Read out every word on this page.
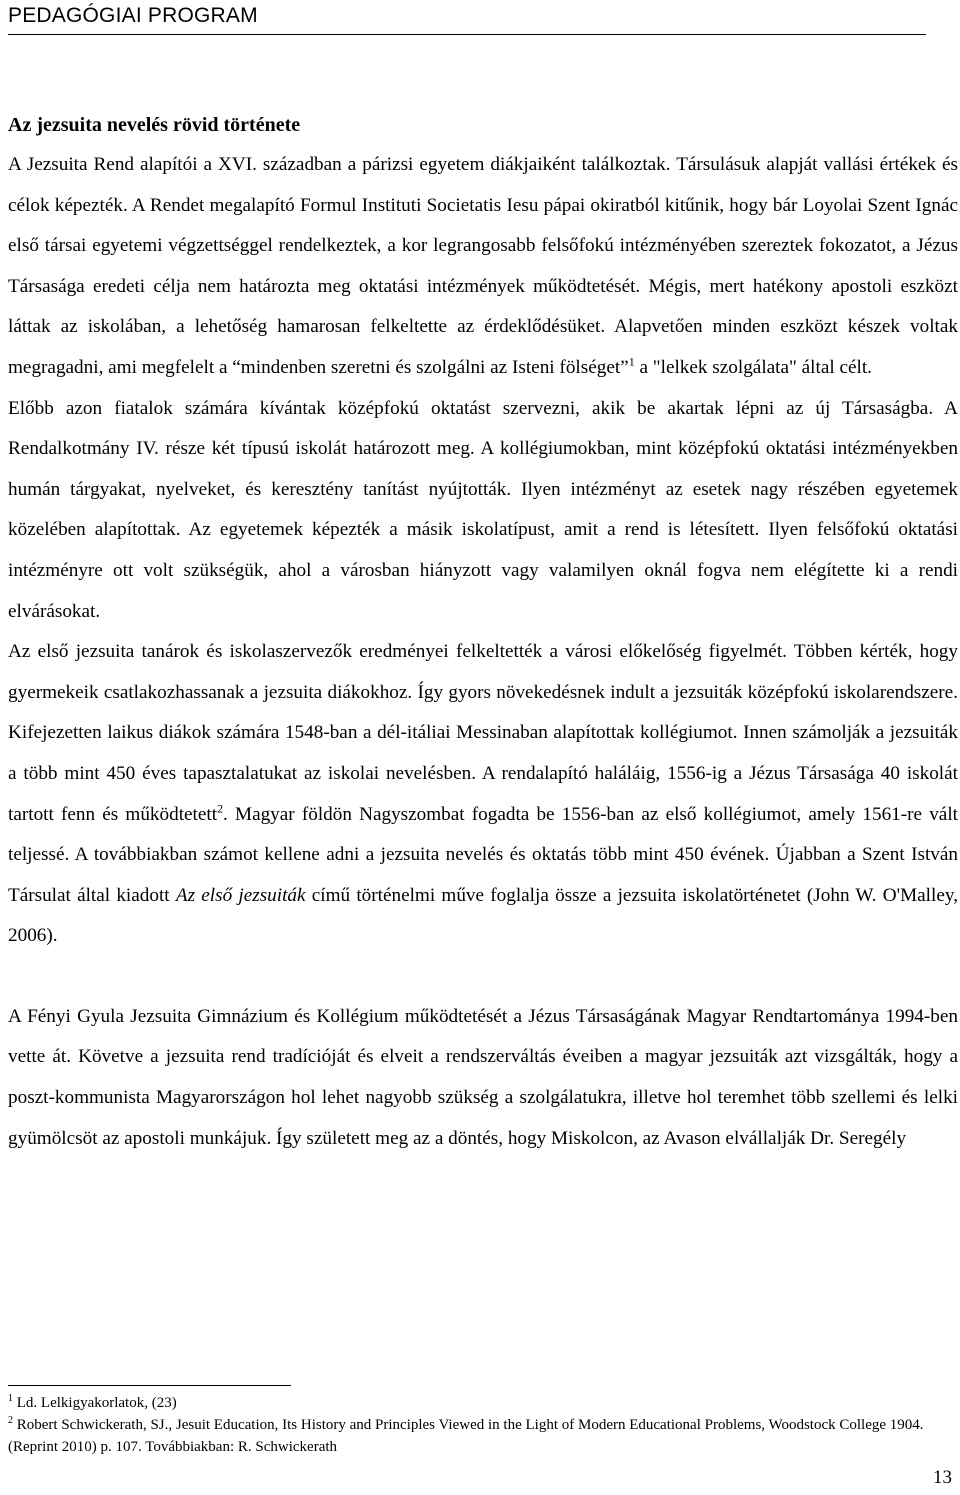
PEDAGÓGIAI PROGRAM

Az jezsuita nevelés rövid története

A Jezsuita Rend alapítói a XVI. században a párizsi egyetem diákjaiként találkoztak. Társulásuk alapját vallási értékek és célok képezték. A Rendet megalapító Formul Instituti Societatis Iesu pápai okiratból kitűnik, hogy bár Loyolai Szent Ignác első társai egyetemi végzettséggel rendelkeztek, a kor legrangosabb felsőfokú intézményében szereztek fokozatot, a Jézus Társasága eredeti célja nem határozta meg oktatási intézmények működtetését. Mégis, mert hatékony apostoli eszközt láttak az iskolában, a lehetőség hamarosan felkeltette az érdeklődésüket. Alapvetően minden eszközt készek voltak megragadni, ami megfelelt a “mindenben szeretni és szolgálni az Isteni fölséget”$^1$ a "lelkek szolgálata" által célt.

Előbb azon fiatalok számára kívántak középfokú oktatást szervezni, akik be akartak lépni az új Társaságba. A Rendalkotmány IV. része két típusú iskolát határozott meg. A kollégiumokban, mint középfokú oktatási intézményekben humán tárgyakat, nyelveket, és keresztény tanítást nyújtották. Ilyen intézményt az esetek nagy részében egyetemek közelében alapítottak. Az egyetemek képezték a másik iskolatípust, amit a rend is létesített. Ilyen felsőfokú oktatási intézményre ott volt szükségük, ahol a városban hiányzott vagy valamilyen oknál fogva nem elégítette ki a rendi elvárásokat.

Az első jezsuita tanárok és iskolaszervezők eredményei felkeltették a városi előkelőség figyelmét. Többen kérték, hogy gyermekeik csatlakozhassanak a jezsuita diákokhoz. Így gyors növekedésnek indult a jezsuiták középfokú iskolarendszere. Kifejezetten laikus diákok számára 1548-ban a dél-itáliai Messinaban alapítottak kollégiumot. Innen számolják a jezsuiták a több mint 450 éves tapasztalatukat az iskolai nevelésben. A rendalapító haláláig, 1556-ig a Jézus Társasága 40 iskolát tartott fenn és működtetett$^2$. Magyar földön Nagyszombat fogadta be 1556-ban az első kollégiumot, amely 1561-re vált teljessé. A továbbiakban számot kellene adni a jezsuita nevelés és oktatás több mint 450 évének. Újabban a Szent István Társulat által kiadott Az első jezsuiták című történelmi műve foglalja össze a jezsuita iskolatörténetet (John W. O'Malley, 2006).

A Fényi Gyula Jezsuita Gimnázium és Kollégium működtetését a Jézus Társaságának Magyar Rendtartománya 1994-ben vette át. Követve a jezsuita rend tradícióját és elveit a rendszerváltás éveiben a magyar jezsuiták azt vizsgálták, hogy a poszt-kommunista Magyarországon hol lehet nagyobb szükség a szolgálatukra, illetve hol teremhet több szellemi és lelki gyümölcsöt az apostoli munkájuk. Így született meg az a döntés, hogy Miskolcon, az Avason elvállalják Dr. Seregély

$^1$ Ld. Lelkigyakorlatok, (23)

$^2$ Robert Schwickerath, SJ., Jesuit Education, Its History and Principles Viewed in the Light of Modern Educational Problems, Woodstock College 1904. (Reprint 2010) p. 107. Továbbiakban: R. Schwickerath

13
